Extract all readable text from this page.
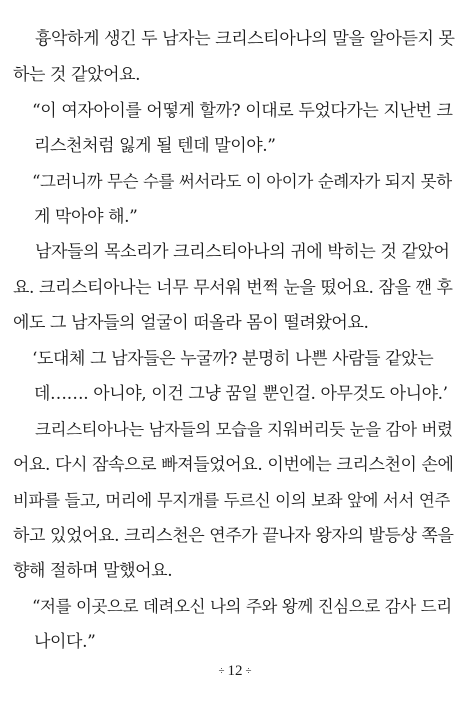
흉악하게 생긴 두 남자는 크리스티아나의 말을 알아듣지 못
하는 것 같았어요.
“이 여자아이를 어떻게 할까? 이대로 두었다가는 지난번 크
리스천처럼 잃게 될 텐데 말이야.”
“그러니까 무슨 수를 써서라도 이 아이가 순례자가 되지 못하
게 막아야 해.”
남자들의 목소리가 크리스티아나의 귀에 박히는 것 같았어
요. 크리스티아나는 너무 무서워 번쩍 눈을 떴어요. 잠을 깬 후
에도 그 남자들의 얼굴이 떠올라 몸이 떨려왔어요.
‘도대체 그 남자들은 누굴까? 분명히 나쁜 사람들 같았는
데……. 아니야, 이건 그냥 꿈일 뿐인걸. 아무것도 아니야.’
크리스티아나는 남자들의 모습을 지워버리듯 눈을 감아 버렸
어요. 다시 잠속으로 빠져들었어요. 이번에는 크리스천이 손에
비파를 들고, 머리에 무지개를 두르신 이의 보좌 앞에 서서 연주
하고 있었어요. 크리스천은 연주가 끝나자 왕자의 발등상 쪽을
향해 절하며 말했어요.
“저를 이곳으로 데려오신 나의 주와 왕께 진심으로 감사 드리
나이다.”
÷ 12 ÷
